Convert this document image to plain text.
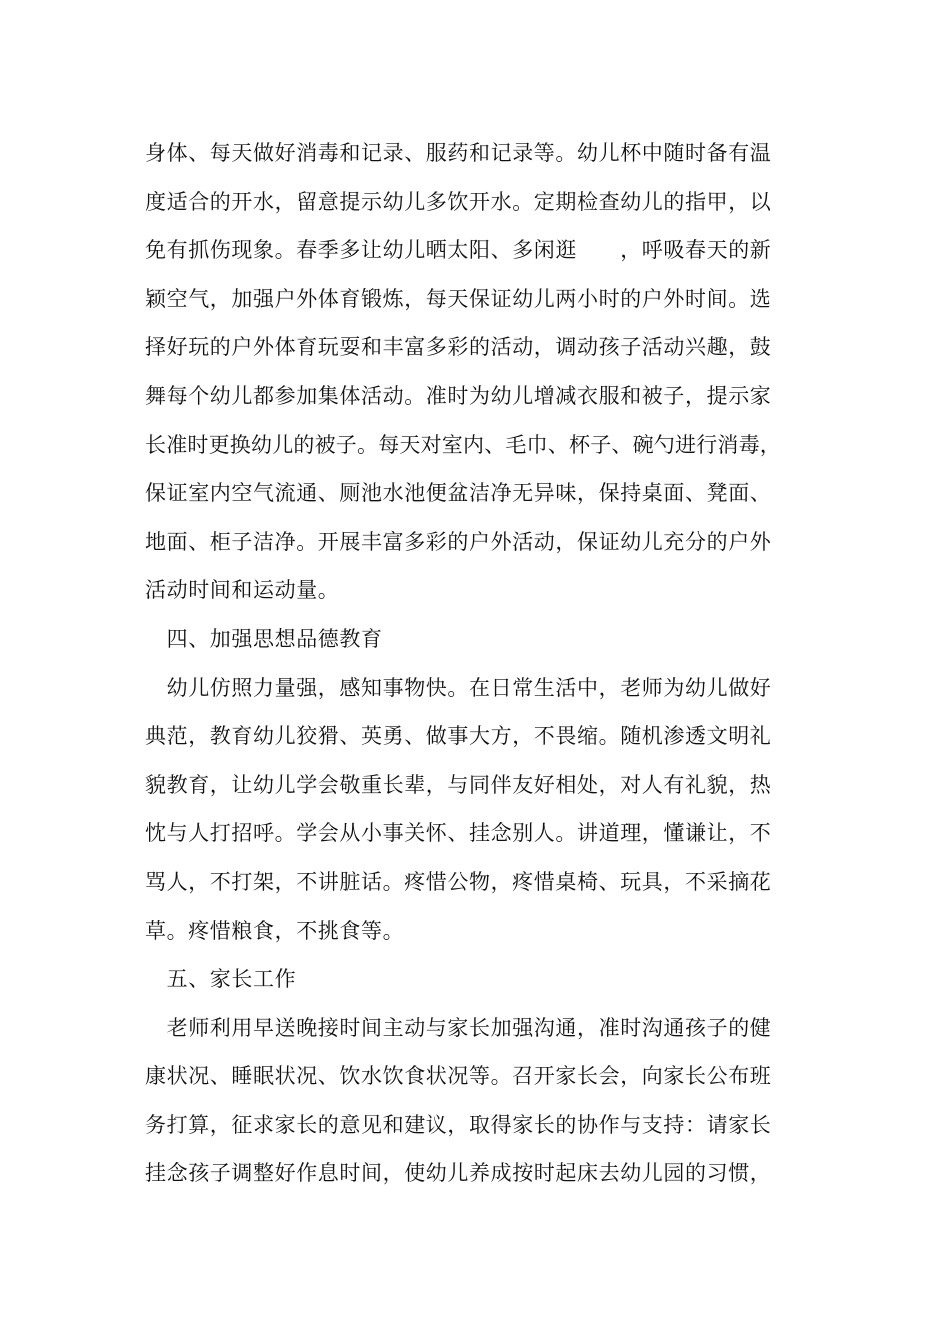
身体、每天做好消毒和记录、服药和记录等。幼儿杯中随时备有温
度适合的开水，留意提示幼儿多饮开水。定期检查幼儿的指甲，以
免有抓伤现象。春季多让幼儿晒太阳、多闲逛　　，呼吸春天的新
颖空气，加强户外体育锻炼，每天保证幼儿两小时的户外时间。选
择好玩的户外体育玩耍和丰富多彩的活动，调动孩子活动兴趣，鼓
舞每个幼儿都参加集体活动。准时为幼儿增减衣服和被子，提示家
长准时更换幼儿的被子。每天对室内、毛巾、杯子、碗勺进行消毒，
保证室内空气流通、厕池水池便盆洁净无异味，保持桌面、凳面、
地面、柜子洁净。开展丰富多彩的户外活动，保证幼儿充分的户外
活动时间和运动量。
　四、加强思想品德教育
　幼儿仿照力量强，感知事物快。在日常生活中，老师为幼儿做好
典范，教育幼儿狡猾、英勇、做事大方，不畏缩。随机渗透文明礼
貌教育，让幼儿学会敬重长辈，与同伴友好相处，对人有礼貌，热
忱与人打招呼。学会从小事关怀、挂念别人。讲道理，懂谦让，不
骂人，不打架，不讲脏话。疼惜公物，疼惜桌椅、玩具，不采摘花
草。疼惜粮食，不挑食等。
　五、家长工作
　老师利用早送晚接时间主动与家长加强沟通，准时沟通孩子的健
康状况、睡眠状况、饮水饮食状况等。召开家长会，向家长公布班
务打算，征求家长的意见和建议，取得家长的协作与支持：请家长
挂念孩子调整好作息时间，使幼儿养成按时起床去幼儿园的习惯，
